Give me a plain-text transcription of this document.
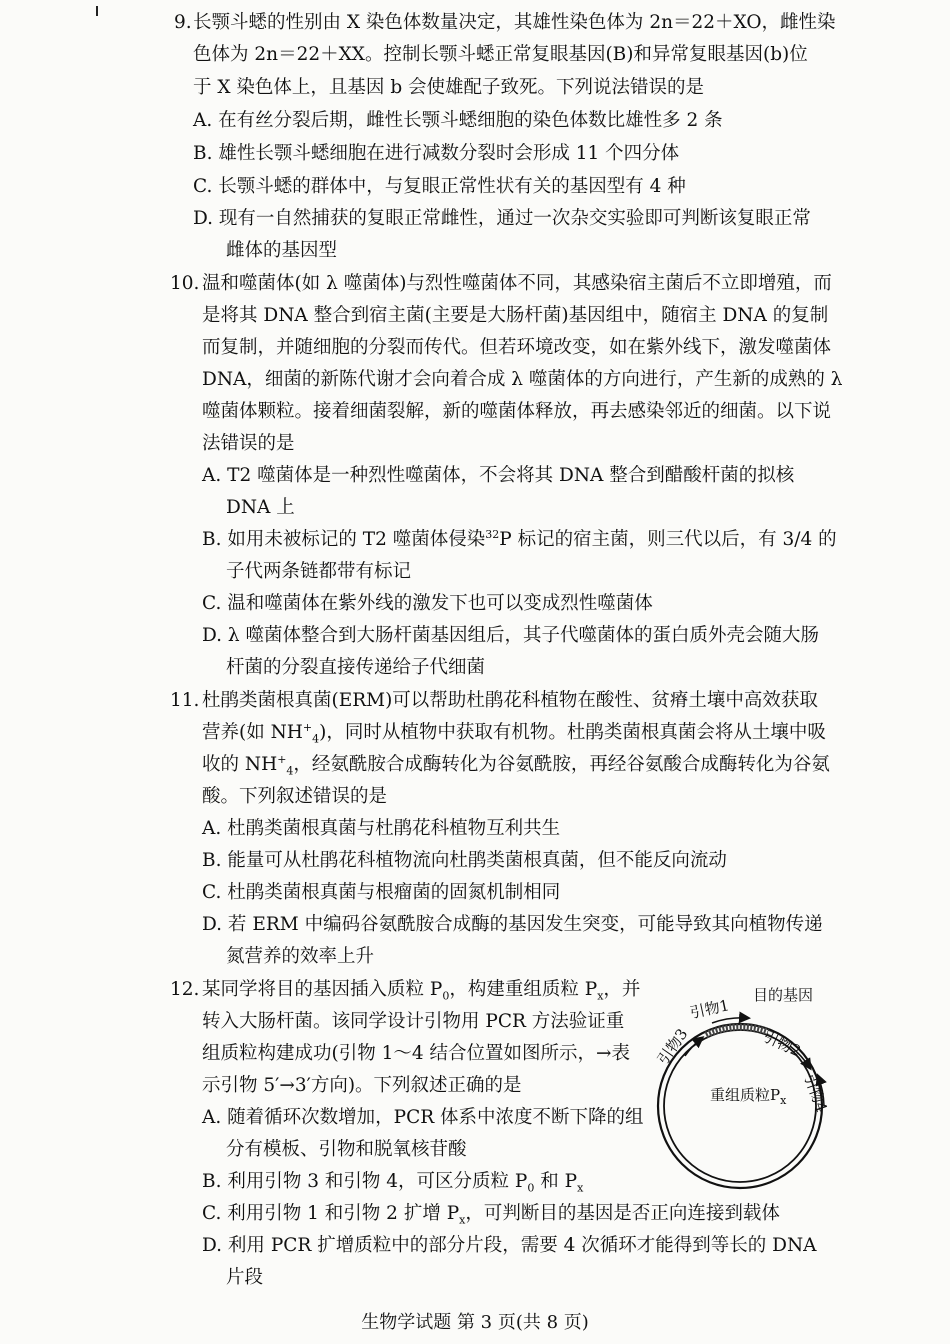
9. 长颚斗蟋的性别由 X 染色体数量决定，其雄性染色体为 2n＝22＋XO，雌性染
色体为 2n＝22＋XX。控制长颚斗蟋正常复眼基因(B)和异常复眼基因(b)位
于 X 染色体上，且基因 b 会使雄配子致死。下列说法错误的是
A. 在有丝分裂后期，雌性长颚斗蟋细胞的染色体数比雄性多 2 条
B. 雄性长颚斗蟋细胞在进行减数分裂时会形成 11 个四分体
C. 长颚斗蟋的群体中，与复眼正常性状有关的基因型有 4 种
D. 现有一自然捕获的复眼正常雌性，通过一次杂交实验即可判断该复眼正常
雌体的基因型
10. 温和噬菌体(如 λ 噬菌体)与烈性噬菌体不同，其感染宿主菌后不立即增殖，而
是将其 DNA 整合到宿主菌(主要是大肠杆菌)基因组中，随宿主 DNA 的复制
而复制，并随细胞的分裂而传代。但若环境改变，如在紫外线下，激发噬菌体
DNA，细菌的新陈代谢才会向着合成 λ 噬菌体的方向进行，产生新的成熟的 λ
噬菌体颗粒。接着细菌裂解，新的噬菌体释放，再去感染邻近的细菌。以下说
法错误的是
A. T2 噬菌体是一种烈性噬菌体，不会将其 DNA 整合到醋酸杆菌的拟核
DNA 上
B. 如用未被标记的 T2 噬菌体侵染$^{32}$P 标记的宿主菌，则三代以后，有 3/4 的
子代两条链都带有标记
C. 温和噬菌体在紫外线的激发下也可以变成烈性噬菌体
D. λ 噬菌体整合到大肠杆菌基因组后，其子代噬菌体的蛋白质外壳会随大肠
杆菌的分裂直接传递给子代细菌
11. 杜鹃类菌根真菌(ERM)可以帮助杜鹃花科植物在酸性、贫瘠土壤中高效获取
营养(如 $NH^+_4$)，同时从植物中获取有机物。杜鹃类菌根真菌会将从土壤中吸
收的 $NH^+_4$，经氨酰胺合成酶转化为谷氨酰胺，再经谷氨酸合成酶转化为谷氨
酸。下列叙述错误的是
A. 杜鹃类菌根真菌与杜鹃花科植物互利共生
B. 能量可从杜鹃花科植物流向杜鹃类菌根真菌，但不能反向流动
C. 杜鹃类菌根真菌与根瘤菌的固氮机制相同
D. 若 ERM 中编码谷氨酰胺合成酶的基因发生突变，可能导致其向植物传递
氮营养的效率上升
12. 某同学将目的基因插入质粒 $P_0$，构建重组质粒 $P_x$，并
转入大肠杆菌。该同学设计引物用 PCR 方法验证重
组质粒构建成功(引物 1～4 结合位置如图所示，→表
示引物 5′→3′方向)。下列叙述正确的是
A. 随着循环次数增加，PCR 体系中浓度不断下降的组
分有模板、引物和脱氧核苷酸
B. 利用引物 3 和引物 4，可区分质粒 $P_0$ 和 $P_x$
C. 利用引物 1 和引物 2 扩增 $P_x$，可判断目的基因是否正向连接到载体
D. 利用 PCR 扩增质粒中的部分片段，需要 4 次循环才能得到等长的 DNA
片段
目的基因
引物1
引物2
引物3
引物4
重组质粒$P_x$
生物学试题 第 3 页(共 8 页)
